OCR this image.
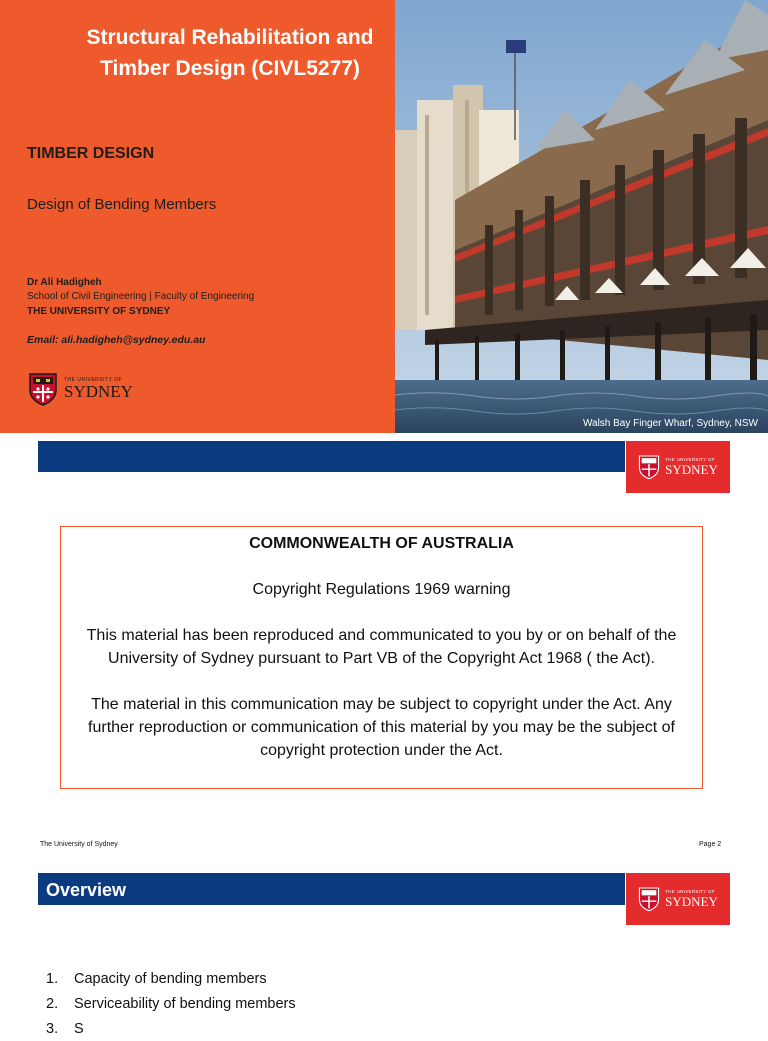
Structural Rehabilitation and
Timber Design (CIVL5277)
TIMBER DESIGN
Design of Bending Members
Dr Ali Hadigheh
School of Civil Engineering | Faculty of Engineering
THE UNIVERSITY OF SYDNEY
Email: ali.hadigheh@sydney.edu.au
THE UNIVERSITY OF
SYDNEY
Walsh Bay Finger Wharf, Sydney, NSW
THE UNIVERSITY OF
SYDNEY
COMMONWEALTH OF AUSTRALIA

Copyright Regulations 1969 warning

This material has been reproduced and communicated to you by or on behalf of the University of Sydney pursuant to Part VB of the Copyright Act 1968 ( the Act).

The material in this communication may be subject to copyright under the Act. Any further reproduction or communication of this material by you may be the subject of copyright protection under the Act.

The University of Sydney	Page 2
Overview	THE UNIVERSITY OF
SYDNEY
1.	Capacity of bending members
2.	Serviceability of bending members
3.	S
